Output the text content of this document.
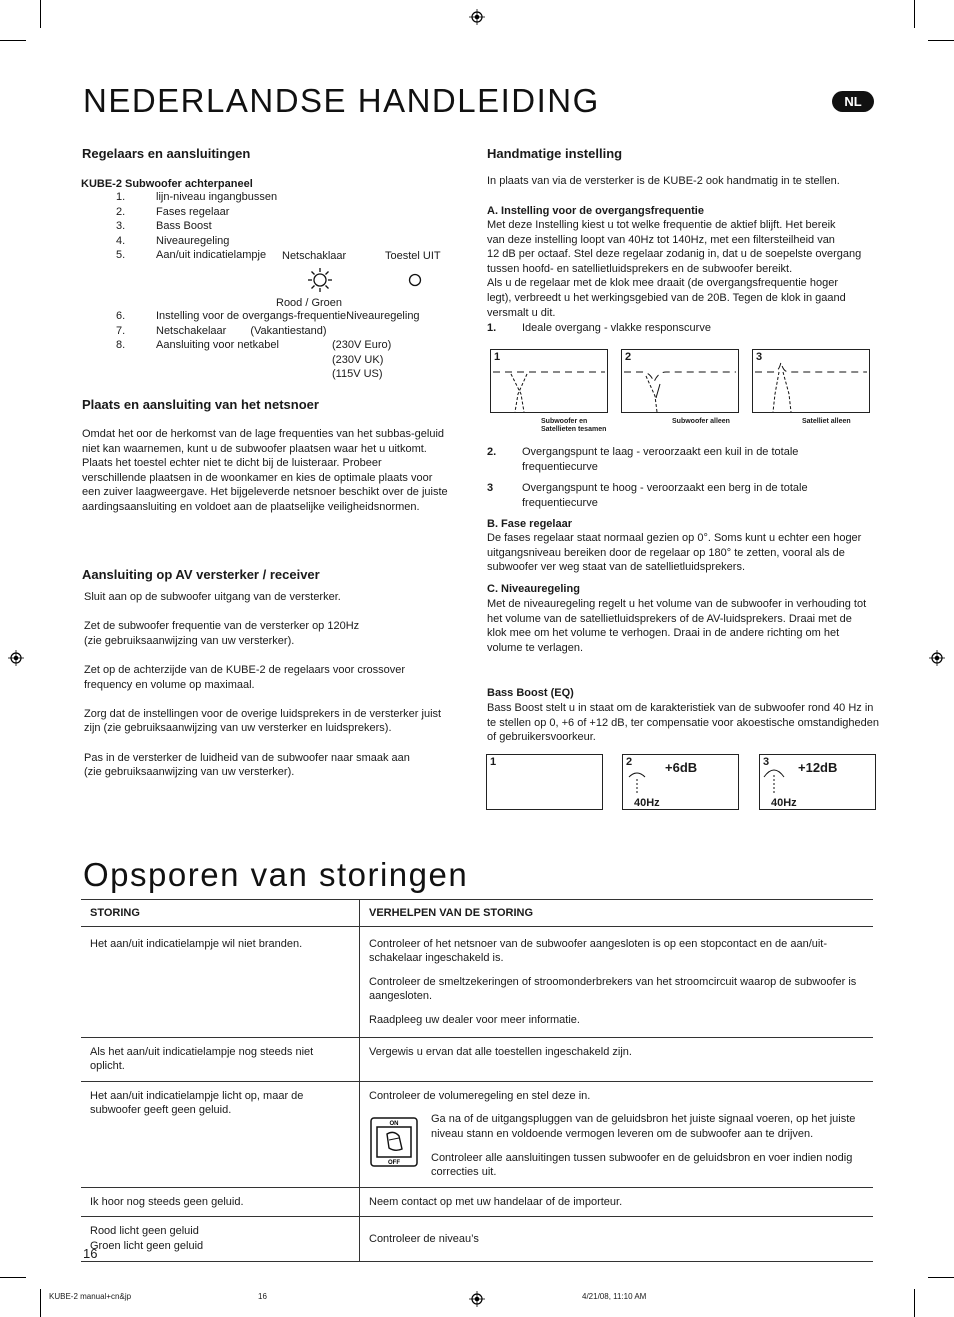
NEDERLANDSE HANDLEIDING	NL
Regelaars en aansluitingen
KUBE-2 Subwoofer achterpaneel
1.	lijn-niveau ingangbussen
2.	Fases regelaar
3.	Bass Boost
4.	Niveauregeling
5.	Aan/uit indicatielampje Netschaklaar	Toestel UIT
Rood / Groen
6.	Instelling voor de overgangs-frequentieNiveauregeling	
7.	Netschakelaar (Vakantiestand)	
8.	Aansluiting voor netkabel	(230V Euro)
(230V UK)
(115V US)
Plaats en aansluiting van het netsnoer
Omdat het oor de herkomst van de lage frequenties van het subbas-geluid
niet kan waarnemen, kunt u de subwoofer plaatsen waar het u uitkomt.
Plaats het toestel echter niet te dicht bij de luisteraar. Probeer
verschillende plaatsen in de woonkamer en kies de optimale plaats voor
een zuiver laagweergave. Het bijgeleverde netsnoer beschikt over de juiste
aardingsaansluiting en voldoet aan de plaatselijke veiligheidsnormen.
Aansluiting op AV versterker / receiver
Sluit aan op de subwoofer uitgang van de versterker.
Zet de subwoofer frequentie van de versterker op 120Hz
(zie gebruiksaanwijzing van uw versterker).
Zet op de achterzijde van de KUBE-2 de regelaars voor crossover
frequency en volume op maximaal.
Zorg dat de instellingen voor de overige luidsprekers in de versterker juist
zijn (zie gebruiksaanwijzing van uw versterker en luidsprekers).
Pas in de versterker de luidheid van de subwoofer naar smaak aan
(zie gebruiksaanwijzing van uw versterker).
Handmatige instelling
In plaats van via de versterker is de KUBE-2 ook handmatig in te stellen.
A. Instelling voor de overgangsfrequentie
Met deze Instelling kiest u tot welke frequentie de aktief blijft. Het bereik
van deze instelling loopt van 40Hz tot 140Hz, met een filtersteilheid van
12 dB per octaaf. Stel deze regelaar zodanig in, dat u de soepelste overgang
tussen hoofd- en satellietluidsprekers en de subwoofer bereikt.
Als u de regelaar met de klok mee draait (de overgangsfrequentie hoger
legt), verbreedt u het werkingsgebied van de 20B. Tegen de klok in gaand
versmalt u dit.
1. Ideale overgang - vlakke responscurve
1
Subwoofer en
Satellieten tesamen
2
Subwoofer alleen
3
Satelliet alleen
2.	Overgangspunt te laag - veroorzaakt een kuil in de totale
frequentiecurve

3	Overgangspunt te hoog - veroorzaakt een berg in de totale
frequentiecurve
B. Fase regelaar
De fases regelaar staat normaal gezien op 0°. Soms kunt u echter een hoger
uitgangsniveau bereiken door de regelaar op 180° te zetten, vooral als de
subwoofer ver weg staat van de satellietluidsprekers.
C. Niveauregeling
Met de niveauregeling regelt u het volume van de subwoofer in verhouding tot
het volume van de satellietluidsprekers of de AV-luidsprekers. Draai met de
klok mee om het volume te verhogen. Draai in de andere richting om het
volume te verlagen.
Bass Boost (EQ)
Bass Boost stelt u in staat om de karakteristiek van de subwoofer rond 40 Hz in
te stellen op 0, +6 of +12 dB, ter compensatie voor akoestische omstandigheden
of gebruikersvoorkeur.
1	2	+6dB
40Hz
3 +12dB
40Hz
Opsporen van storingen
STORING	VERHELPEN VAN DE STORING
Het aan/uit indicatielampje wil niet branden.	Controleer of het netsnoer van de subwoofer aangesloten is op een stopcontact en de aan/uit-schakelaar ingeschakeld is.

Controleer de smeltzekeringen of stroomonderbrekers van het stroomcircuit waarop de subwoofer is aangesloten.

Raadpleeg uw dealer voor meer informatie.

Als het aan/uit indicatielampje nog steeds niet oplicht.	Vergewis u ervan dat alle toestellen ingeschakeld zijn.
Het aan/uit indicatielampje licht op, maar de subwoofer geeft geen geluid.	Controleer de volumeregeling en stel deze in.

ON
OFF

Ga na of de uitgangspluggen van de geluidsbron het juiste signaal voeren, op het juiste niveau stann en voldoende vermogen leveren om de subwoofer aan te drijven.

Controleer alle aansluitingen tussen subwoofer en de geluidsbron en voer indien nodig correcties uit.

Ik hoor nog steeds geen geluid.	Neem contact op met uw handelaar of de importeur.

Rood licht geen geluid
Groen licht geen geluid	Controleer de niveau’s
16
KUBE-2 manual+cn&jp	16	4/21/08, 11:10 AM
